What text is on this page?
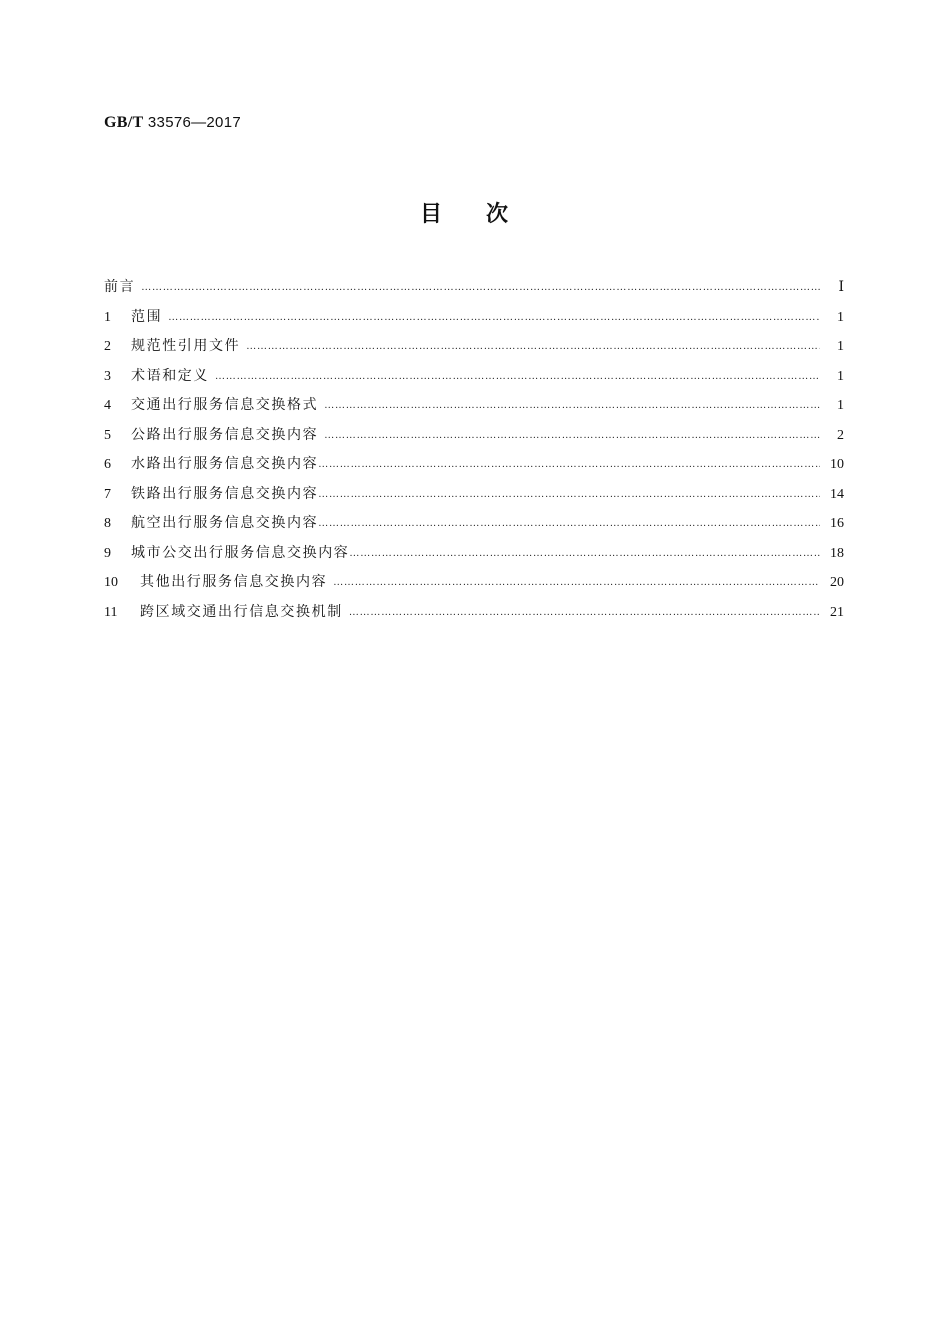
GB/T 33576—2017
目次
前言 ……………………………………………………………………………………………………………………………………………………………………………………………………………………………………	Ⅰ
1	范围 ……………………………………………………………………………………………………………………………………………………………………………………………………………………………………	1
2	规范性引用文件 ……………………………………………………………………………………………………………………………………………………………………………………………………………………………………	1
3	术语和定义 ……………………………………………………………………………………………………………………………………………………………………………………………………………………………………	1
4	交通出行服务信息交换格式 ……………………………………………………………………………………………………………………………………………………………………………………………………………………………………	1
5	公路出行服务信息交换内容 ……………………………………………………………………………………………………………………………………………………………………………………………………………………………………	2
6	水路出行服务信息交换内容 ……………………………………………………………………………………………………………………………………………………………………………………………………………………………………	10
7	铁路出行服务信息交换内容 ……………………………………………………………………………………………………………………………………………………………………………………………………………………………………	14
8	航空出行服务信息交换内容 ……………………………………………………………………………………………………………………………………………………………………………………………………………………………………	16
9	城市公交出行服务信息交换内容 ……………………………………………………………………………………………………………………………………………………………………………………………………………………………………	18
10	其他出行服务信息交换内容 ……………………………………………………………………………………………………………………………………………………………………………………………………………………………………	20
11	跨区域交通出行信息交换机制 ……………………………………………………………………………………………………………………………………………………………………………………………………………………………………	21
